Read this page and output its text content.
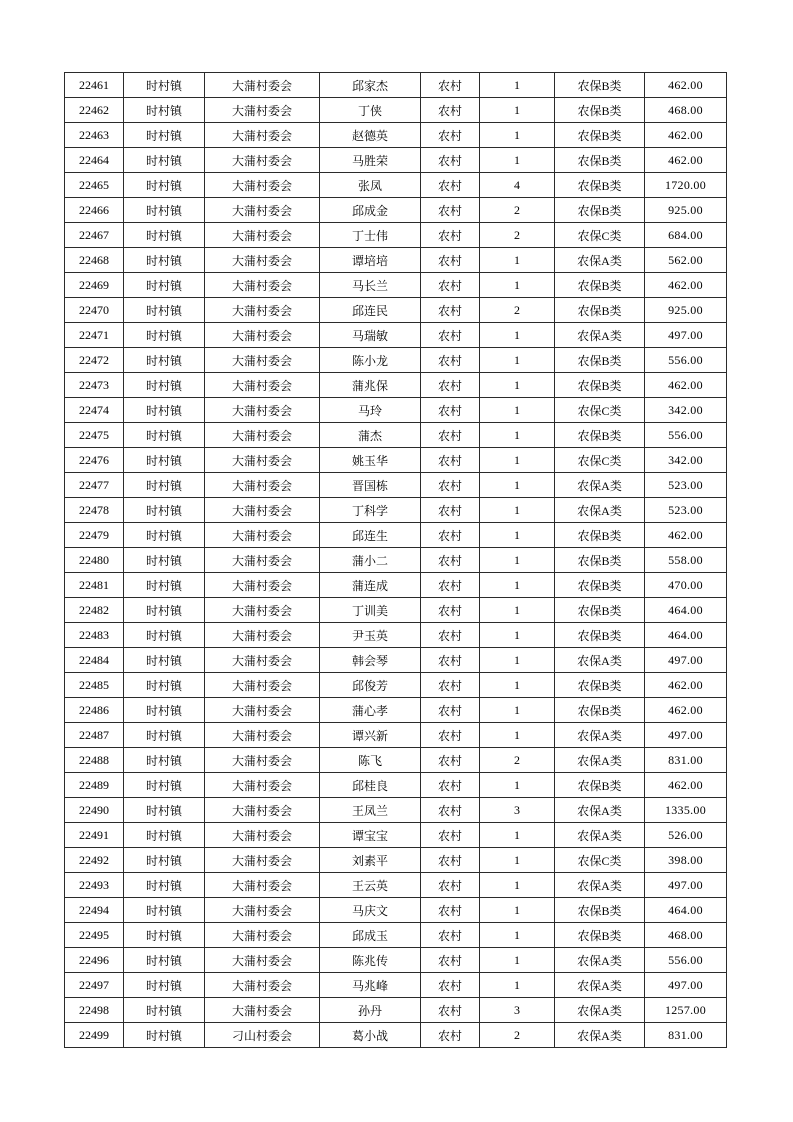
22461	时村镇	大蒲村委会	邱家杰	农村	1	农保B类	462.00
22462	时村镇	大蒲村委会	丁侠	农村	1	农保B类	468.00
22463	时村镇	大蒲村委会	赵德英	农村	1	农保B类	462.00
22464	时村镇	大蒲村委会	马胜荣	农村	1	农保B类	462.00
22465	时村镇	大蒲村委会	张凤	农村	4	农保B类	1720.00
22466	时村镇	大蒲村委会	邱成金	农村	2	农保B类	925.00
22467	时村镇	大蒲村委会	丁士伟	农村	2	农保C类	684.00
22468	时村镇	大蒲村委会	谭培培	农村	1	农保A类	562.00
22469	时村镇	大蒲村委会	马长兰	农村	1	农保B类	462.00
22470	时村镇	大蒲村委会	邱连民	农村	2	农保B类	925.00
22471	时村镇	大蒲村委会	马瑞敏	农村	1	农保A类	497.00
22472	时村镇	大蒲村委会	陈小龙	农村	1	农保B类	556.00
22473	时村镇	大蒲村委会	蒲兆保	农村	1	农保B类	462.00
22474	时村镇	大蒲村委会	马玲	农村	1	农保C类	342.00
22475	时村镇	大蒲村委会	蒲杰	农村	1	农保B类	556.00
22476	时村镇	大蒲村委会	姚玉华	农村	1	农保C类	342.00
22477	时村镇	大蒲村委会	晋国栋	农村	1	农保A类	523.00
22478	时村镇	大蒲村委会	丁科学	农村	1	农保A类	523.00
22479	时村镇	大蒲村委会	邱连生	农村	1	农保B类	462.00
22480	时村镇	大蒲村委会	蒲小二	农村	1	农保B类	558.00
22481	时村镇	大蒲村委会	蒲连成	农村	1	农保B类	470.00
22482	时村镇	大蒲村委会	丁训美	农村	1	农保B类	464.00
22483	时村镇	大蒲村委会	尹玉英	农村	1	农保B类	464.00
22484	时村镇	大蒲村委会	韩会琴	农村	1	农保A类	497.00
22485	时村镇	大蒲村委会	邱俊芳	农村	1	农保B类	462.00
22486	时村镇	大蒲村委会	蒲心孝	农村	1	农保B类	462.00
22487	时村镇	大蒲村委会	谭兴新	农村	1	农保A类	497.00
22488	时村镇	大蒲村委会	陈飞	农村	2	农保A类	831.00
22489	时村镇	大蒲村委会	邱桂良	农村	1	农保B类	462.00
22490	时村镇	大蒲村委会	王凤兰	农村	3	农保A类	1335.00
22491	时村镇	大蒲村委会	谭宝宝	农村	1	农保A类	526.00
22492	时村镇	大蒲村委会	刘素平	农村	1	农保C类	398.00
22493	时村镇	大蒲村委会	王云英	农村	1	农保A类	497.00
22494	时村镇	大蒲村委会	马庆文	农村	1	农保B类	464.00
22495	时村镇	大蒲村委会	邱成玉	农村	1	农保B类	468.00
22496	时村镇	大蒲村委会	陈兆传	农村	1	农保A类	556.00
22497	时村镇	大蒲村委会	马兆峰	农村	1	农保A类	497.00
22498	时村镇	大蒲村委会	孙丹	农村	3	农保A类	1257.00
22499	时村镇	刁山村委会	葛小战	农村	2	农保A类	831.00
